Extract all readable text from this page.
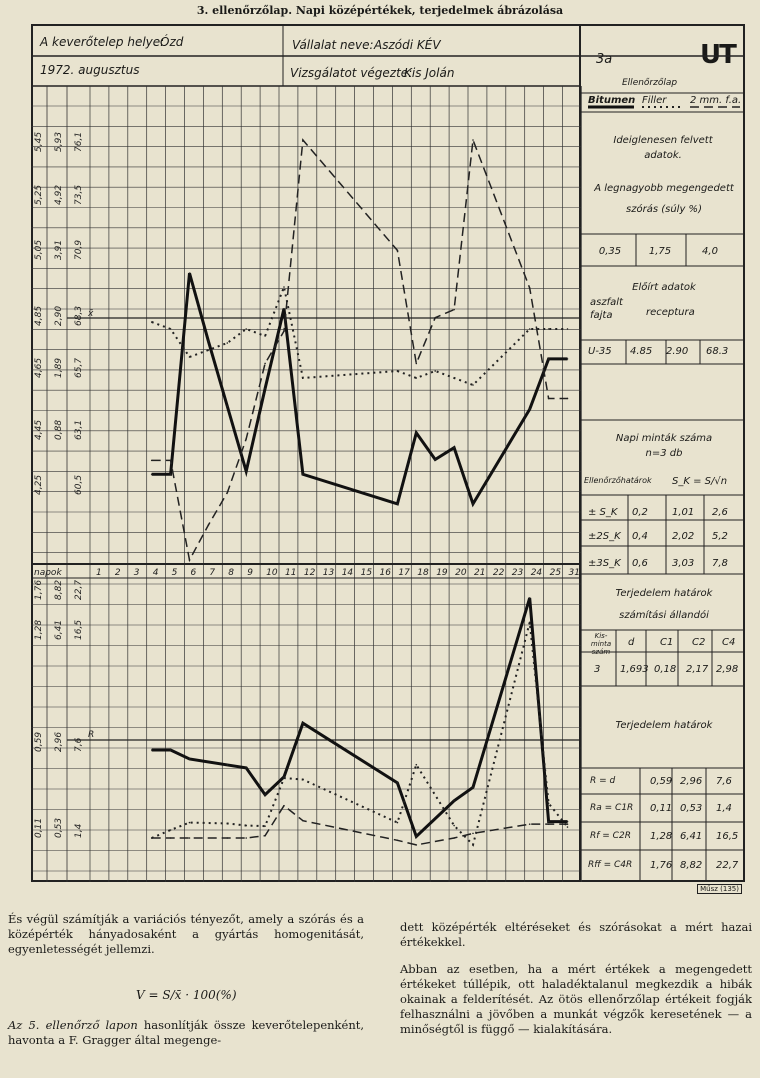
3. ellenőrzőlap. Napi középértékek, terjedelmek ábrázolása
A keverőtelep helye:
Ózd	Vállalat neve: Aszódi KÉV
1972. augusztus	Vizsgálatot végezte:
Kis Jolán
3a
Ellenőrzőlap
UT
Bitumen Filler 2 mm. f.a.
Ideiglenesen felvett
adatok.
A legnagyobb megengedett
szórás (súly %)
0,35	1,75	4,0
Előírt adatok
aszfalt
fajta	receptura
U-35 4.85 2.90 68.3
Napi minták száma
n=3 db
Ellenőrzőhatárok S_K = S/√n
± S_K 0,2 1,01 2,6
±2S_K 0,4 2,02 5,2
±3S_K 0,6 3,03 7,8
Terjedelem határok
számítási állandói
Kis-minta szám
d	C1 C2 C4
3 1,693 0,18 2,17 2,98
Terjedelem határok
R = d	0,59 2,96 7,6
Ra = C1R 0,11 0,53 1,4
Rf = C2R 1,28 6,41 16,5
Rff = C4R 1,76 8,82 22,7
x̄
R
4,25
4,45
4,65
4,85
5,05
5,25
5,45
0,88
1,89
2,90
3,91
4,92
5,93
60,5
63,1
65,7
68,3
70,9
73,5
76,1
0,11
0,59
1,28
1,76
0,53
2,96
6,41
8,82
1,4
7,6
16,5
22,7
napok	1 2 3 4 5 6 7 8 9 10 11 12 13 14 15 16 17 18 19 20 21 22 23 24 25 31
Műsz (135)
És végül számítják a variációs tényezőt, amely a szórás és a középérték hányadosaként a gyártás homogenitását, egyenletességét jellemzi.
V = S/x̄ · 100(%)
Az 5. ellenőrző lapon hasonlítják össze keverőtelepenként, havonta a F. Gragger által megenge-
dett középérték eltéréseket és szórásokat a mért hazai értékekkel.
Abban az esetben, ha a mért értékek a megengedett értékeket túllépik, ott haladéktalanul megkezdik a hibák okainak a felderítését. Az ötös ellenőrzőlap értékeit fogják felhasználni a jövőben a munkát végzők keresetének — a minőségtől is függő — kialakítására.
